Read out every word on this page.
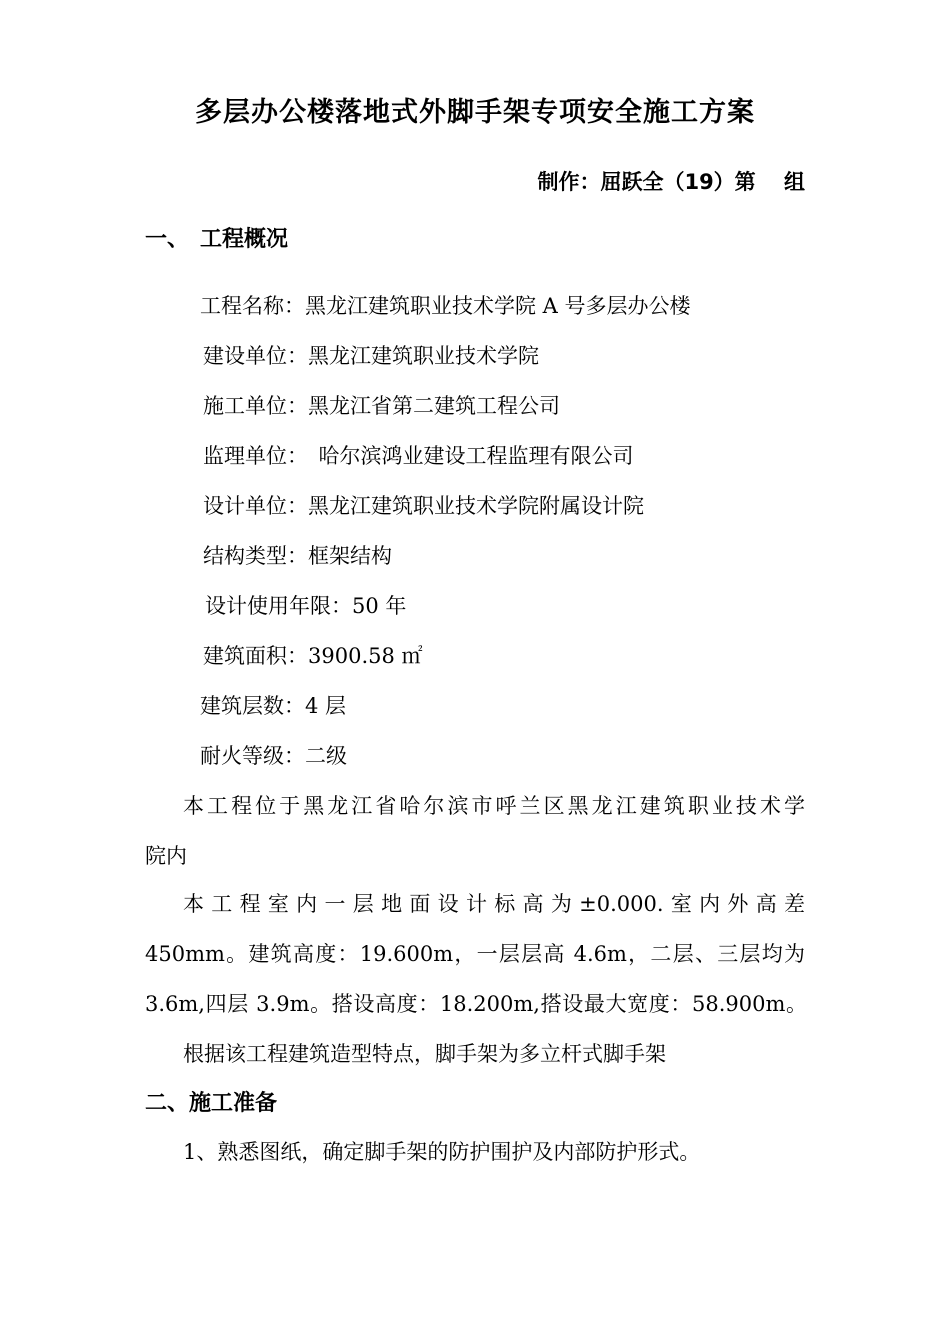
多层办公楼落地式外脚手架专项安全施工方案
制作：屈跃全（19）第　 组
一、　工程概况
工程名称：黑龙江建筑职业技术学院 A 号多层办公楼
建设单位：黑龙江建筑职业技术学院
施工单位：黑龙江省第二建筑工程公司
监理单位：　哈尔滨鸿业建设工程监理有限公司
设计单位：黑龙江建筑职业技术学院附属设计院
结构类型：框架结构
设计使用年限：50 年
建筑面积：3900.58 ㎡
建筑层数：4 层
耐火等级：二级
本工程位于黑龙江省哈尔滨市呼兰区黑龙江建筑职业技术学
院内
本工程室内一层地面设计标高为±0.000.室内外高差
450mm。建筑高度：19.600m，一层层高 4.6m，二层、三层均为
3.6m,四层 3.9m。搭设高度：18.200m,搭设最大宽度：58.900m。
根据该工程建筑造型特点，脚手架为多立杆式脚手架
二、施工准备
1、熟悉图纸，确定脚手架的防护围护及内部防护形式。
